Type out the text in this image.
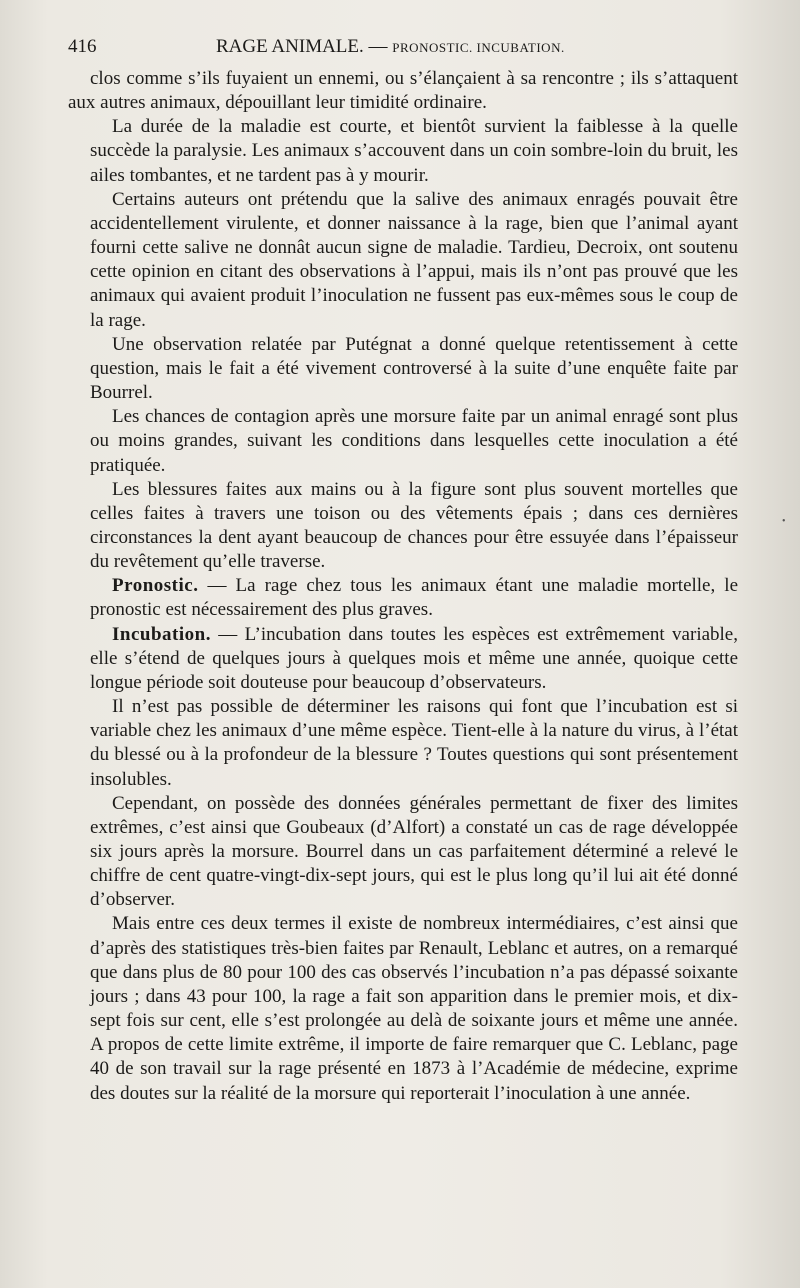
416	RAGE ANIMALE. — PRONOSTIC. INCUBATION.

clos comme s’ils fuyaient un ennemi, ou s’élançaient à sa rencontre ; ils s’attaquent aux autres animaux, dépouillant leur timidité ordinaire.

La durée de la maladie est courte, et bientôt survient la faiblesse à la quelle succède la paralysie. Les animaux s’accouvent dans un coin sombre-loin du bruit, les ailes tombantes, et ne tardent pas à y mourir.

Certains auteurs ont prétendu que la salive des animaux enragés pouvait être accidentellement virulente, et donner naissance à la rage, bien que l’animal ayant fourni cette salive ne donnât aucun signe de maladie. Tardieu, Decroix, ont soutenu cette opinion en citant des observations à l’appui, mais ils n’ont pas prouvé que les animaux qui avaient produit l’inoculation ne fussent pas eux-mêmes sous le coup de la rage.

Une observation relatée par Putégnat a donné quelque retentissement à cette question, mais le fait a été vivement controversé à la suite d’une enquête faite par Bourrel.

Les chances de contagion après une morsure faite par un animal enragé sont plus ou moins grandes, suivant les conditions dans lesquelles cette inoculation a été pratiquée.

Les blessures faites aux mains ou à la figure sont plus souvent mortelles que celles faites à travers une toison ou des vêtements épais ; dans ces dernières circonstances la dent ayant beaucoup de chances pour être essuyée dans l’épaisseur du revêtement qu’elle traverse.

Pronostic. — La rage chez tous les animaux étant une maladie mortelle, le pronostic est nécessairement des plus graves.

Incubation. — L’incubation dans toutes les espèces est extrêmement variable, elle s’étend de quelques jours à quelques mois et même une année, quoique cette longue période soit douteuse pour beaucoup d’observateurs.

Il n’est pas possible de déterminer les raisons qui font que l’incubation est si variable chez les animaux d’une même espèce. Tient-elle à la nature du virus, à l’état du blessé ou à la profondeur de la blessure ? Toutes questions qui sont présentement insolubles.

Cependant, on possède des données générales permettant de fixer des limites extrêmes, c’est ainsi que Goubeaux (d’Alfort) a constaté un cas de rage développée six jours après la morsure. Bourrel dans un cas parfaitement déterminé a relevé le chiffre de cent quatre-vingt-dix-sept jours, qui est le plus long qu’il lui ait été donné d’observer.

Mais entre ces deux termes il existe de nombreux intermédiaires, c’est ainsi que d’après des statistiques très-bien faites par Renault, Leblanc et autres, on a remarqué que dans plus de 80 pour 100 des cas observés l’incubation n’a pas dépassé soixante jours ; dans 43 pour 100, la rage a fait son apparition dans le premier mois, et dix-sept fois sur cent, elle s’est prolongée au delà de soixante jours et même une année. A propos de cette limite extrême, il importe de faire remarquer que C. Leblanc, page 40 de son travail sur la rage présenté en 1873 à l’Académie de médecine, exprime des doutes sur la réalité de la morsure qui reporterait l’inoculation à une année.

•
